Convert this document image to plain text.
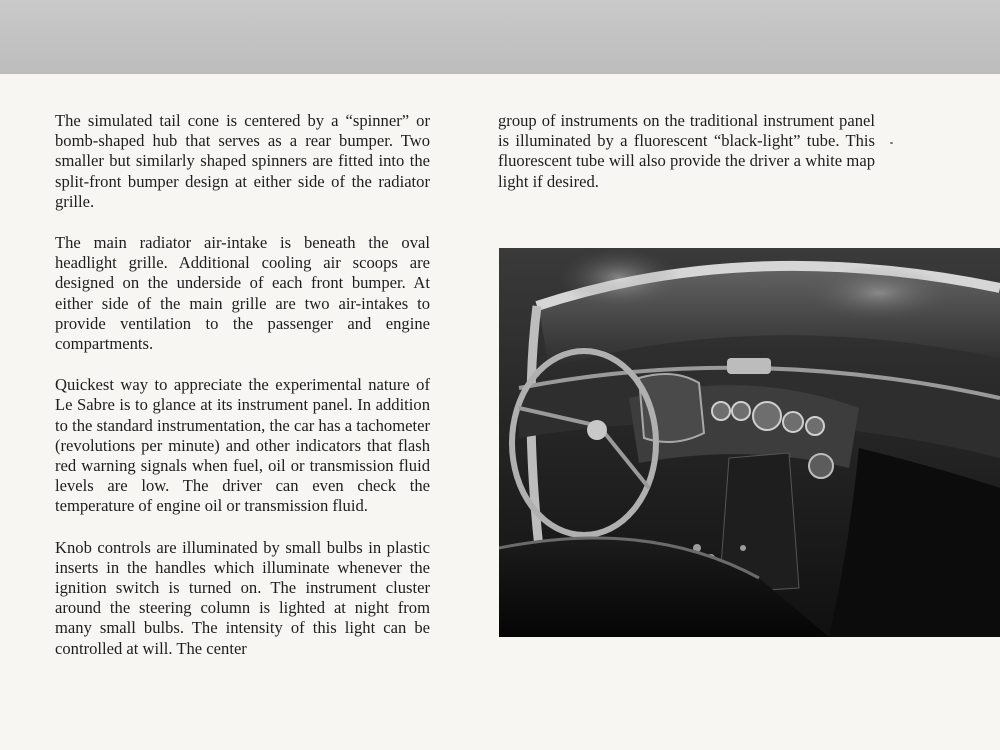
The simulated tail cone is centered by a “spinner” or bomb-shaped hub that serves as a rear bumper. Two smaller but similarly shaped spinners are fitted into the split-front bumper design at either side of the radiator grille.

The main radiator air-intake is beneath the oval headlight grille. Additional cooling air scoops are designed on the underside of each front bumper. At either side of the main grille are two air-intakes to provide ventilation to the passenger and engine compartments.

Quickest way to appreciate the experimental nature of Le Sabre is to glance at its instrument panel. In addition to the standard instrumentation, the car has a tachometer (revolutions per minute) and other indicators that flash red warning signals when fuel, oil or transmission fluid levels are low. The driver can even check the temperature of engine oil or transmission fluid.

Knob controls are illuminated by small bulbs in plastic inserts in the handles which illuminate whenever the ignition switch is turned on. The instrument cluster around the steering column is lighted at night from many small bulbs. The intensity of this light can be controlled at will. The center

group of instruments on the traditional instrument panel is illuminated by a fluorescent “black-light” tube. This fluorescent tube will also provide the driver a white map light if desired.
